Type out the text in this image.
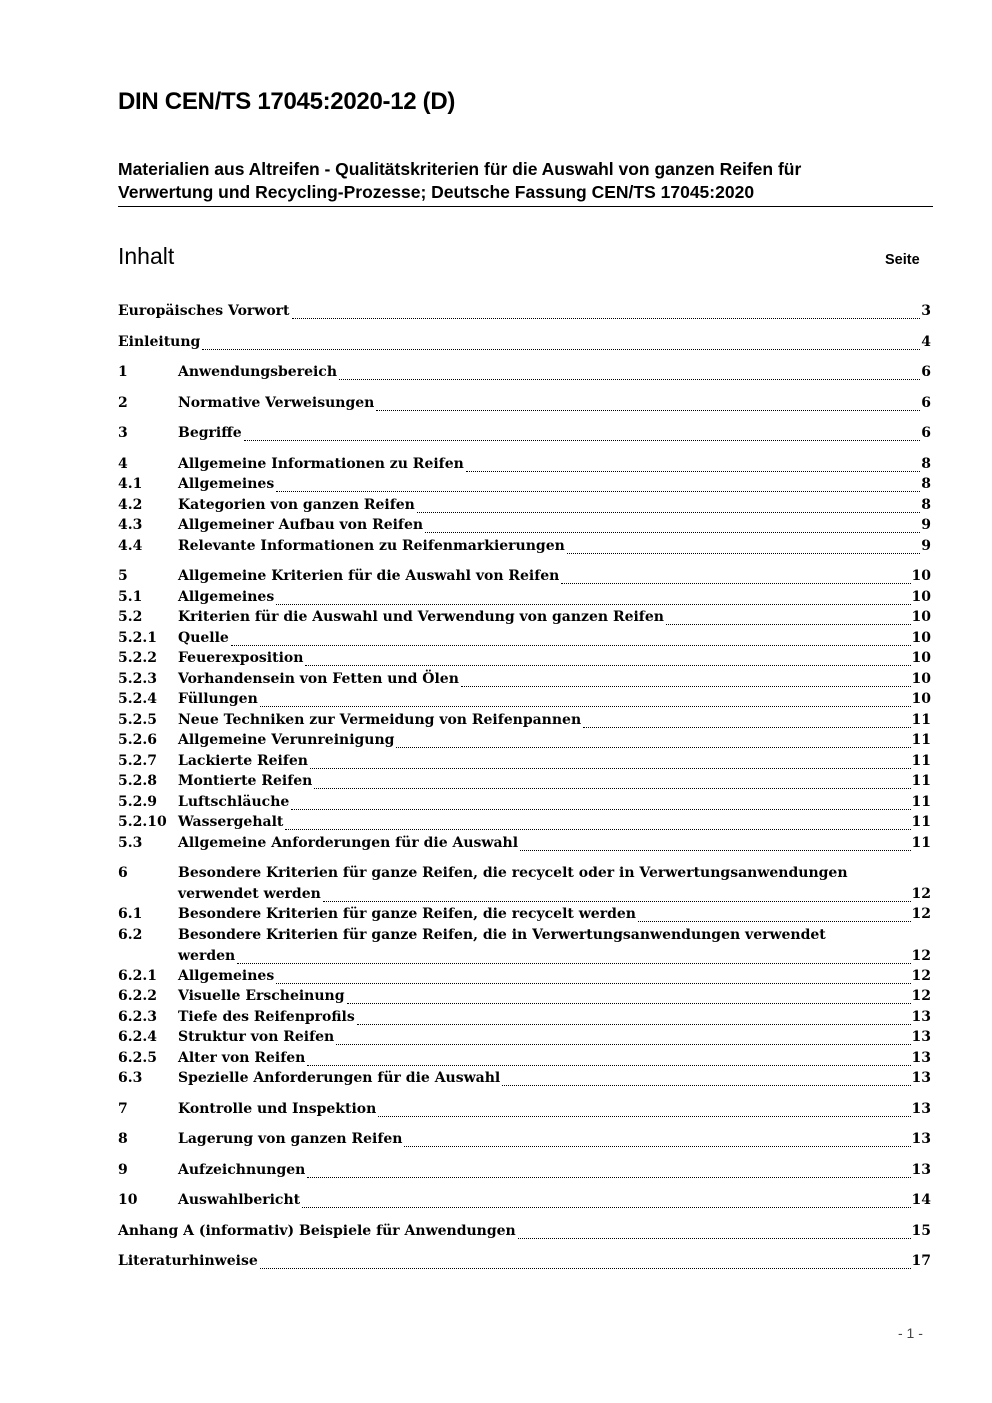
DIN CEN/TS 17045:2020-12 (D)
Materialien aus Altreifen - Qualitätskriterien für die Auswahl von ganzen Reifen für
Verwertung und Recycling-Prozesse; Deutsche Fassung CEN/TS 17045:2020
Inhalt	Seite
Europäisches Vorwort	3
Einleitung	4
1	Anwendungsbereich	6
2	Normative Verweisungen	6
3	Begriffe	6
4	Allgemeine Informationen zu Reifen	8
4.1	Allgemeines	8
4.2	Kategorien von ganzen Reifen	8
4.3	Allgemeiner Aufbau von Reifen	9
4.4	Relevante Informationen zu Reifenmarkierungen	9
5	Allgemeine Kriterien für die Auswahl von Reifen	10
5.1	Allgemeines	10
5.2	Kriterien für die Auswahl und Verwendung von ganzen Reifen	10
5.2.1 Quelle	10
5.2.2 Feuerexposition	10
5.2.3 Vorhandensein von Fetten und Ölen	10
5.2.4 Füllungen	10
5.2.5 Neue Techniken zur Vermeidung von Reifenpannen	11
5.2.6 Allgemeine Verunreinigung	11
5.2.7 Lackierte Reifen	11
5.2.8 Montierte Reifen	11
5.2.9 Luftschläuche	11
5.2.10 Wassergehalt	11
5.3	Allgemeine Anforderungen für die Auswahl	11
6	Besondere Kriterien für ganze Reifen, die recycelt oder in Verwertungsanwendungen
verwendet werden	12
6.1	Besondere Kriterien für ganze Reifen, die recycelt werden	12
6.2	Besondere Kriterien für ganze Reifen, die in Verwertungsanwendungen verwendet
werden	12
6.2.1 Allgemeines	12
6.2.2 Visuelle Erscheinung	12
6.2.3 Tiefe des Reifenprofils	13
6.2.4 Struktur von Reifen	13
6.2.5 Alter von Reifen	13
6.3	Spezielle Anforderungen für die Auswahl	13
7	Kontrolle und Inspektion	13
8	Lagerung von ganzen Reifen	13
9	Aufzeichnungen	13
10	Auswahlbericht	14
Anhang A (informativ) Beispiele für Anwendungen	15
Literaturhinweise	17
- 1 -
